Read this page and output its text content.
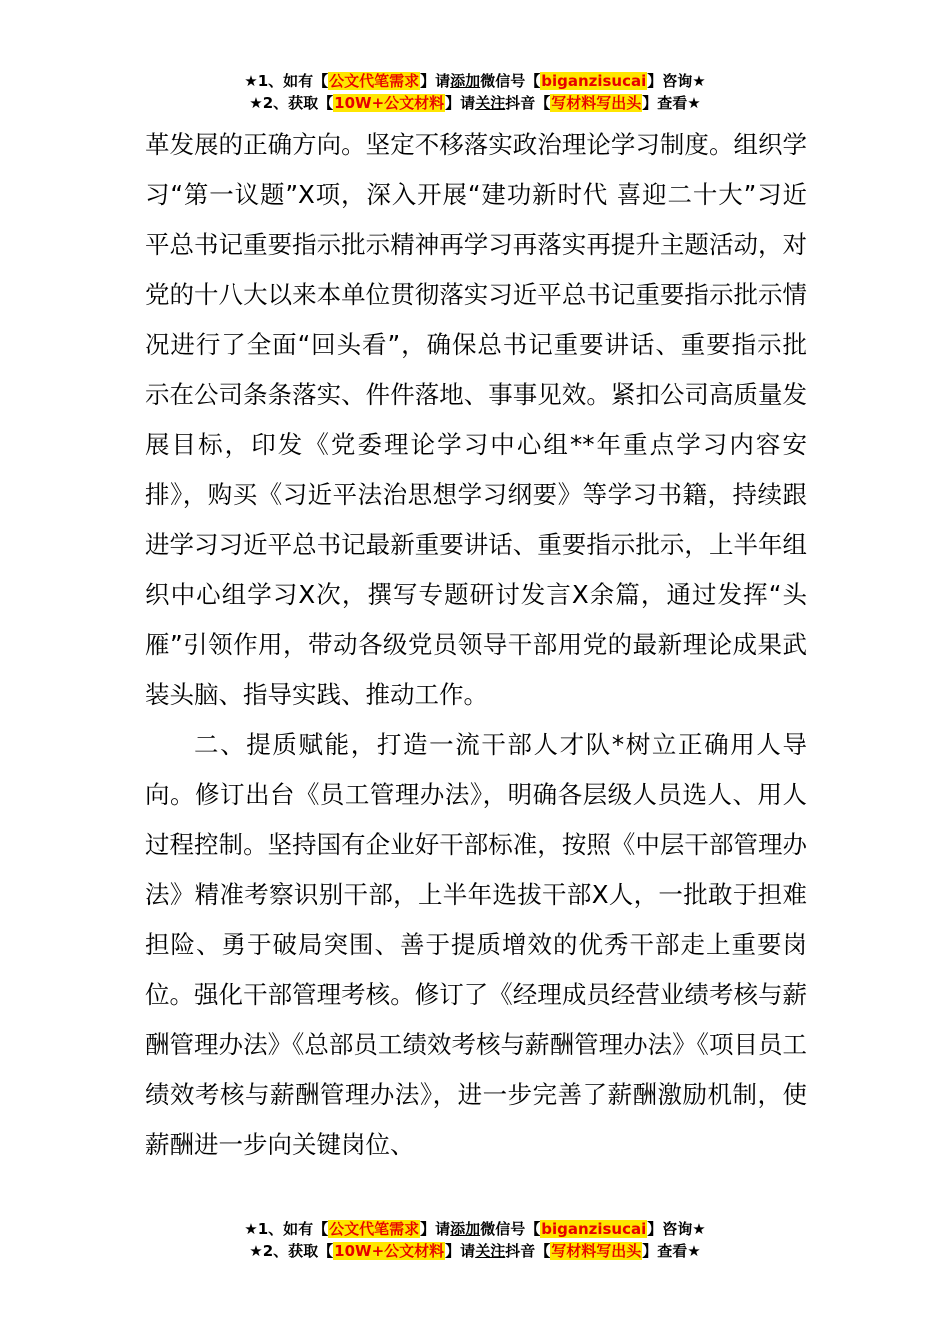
★1、如有【公文代笔需求】请添加微信号【biganzisucai】咨询★
★2、获取【10W+公文材料】请关注抖音【写材料写出头】查看★

革发展的正确方向。坚定不移落实政治理论学习制度。组织学习“第一议题”X项，深入开展“建功新时代 喜迎二十大”习近平总书记重要指示批示精神再学习再落实再提升主题活动，对党的十八大以来本单位贯彻落实习近平总书记重要指示批示情况进行了全面“回头看”，确保总书记重要讲话、重要指示批示在公司条条落实、件件落地、事事见效。紧扣公司高质量发展目标，印发《党委理论学习中心组**年重点学习内容安排》，购买《习近平法治思想学习纲要》等学习书籍，持续跟进学习习近平总书记最新重要讲话、重要指示批示，上半年组织中心组学习X次，撰写专题研讨发言X余篇，通过发挥“头雁”引领作用，带动各级党员领导干部用党的最新理论成果武装头脑、指导实践、推动工作。

二、提质赋能，打造一流干部人才队*树立正确用人导向。修订出台《员工管理办法》，明确各层级人员选人、用人过程控制。坚持国有企业好干部标准，按照《中层干部管理办法》精准考察识别干部，上半年选拔干部X人，一批敢于担难担险、勇于破局突围、善于提质增效的优秀干部走上重要岗位。强化干部管理考核。修订了《经理成员经营业绩考核与薪酬管理办法》《总部员工绩效考核与薪酬管理办法》《项目员工绩效考核与薪酬管理办法》，进一步完善了薪酬激励机制，使薪酬进一步向关键岗位、

★1、如有【公文代笔需求】请添加微信号【biganzisucai】咨询★
★2、获取【10W+公文材料】请关注抖音【写材料写出头】查看★
